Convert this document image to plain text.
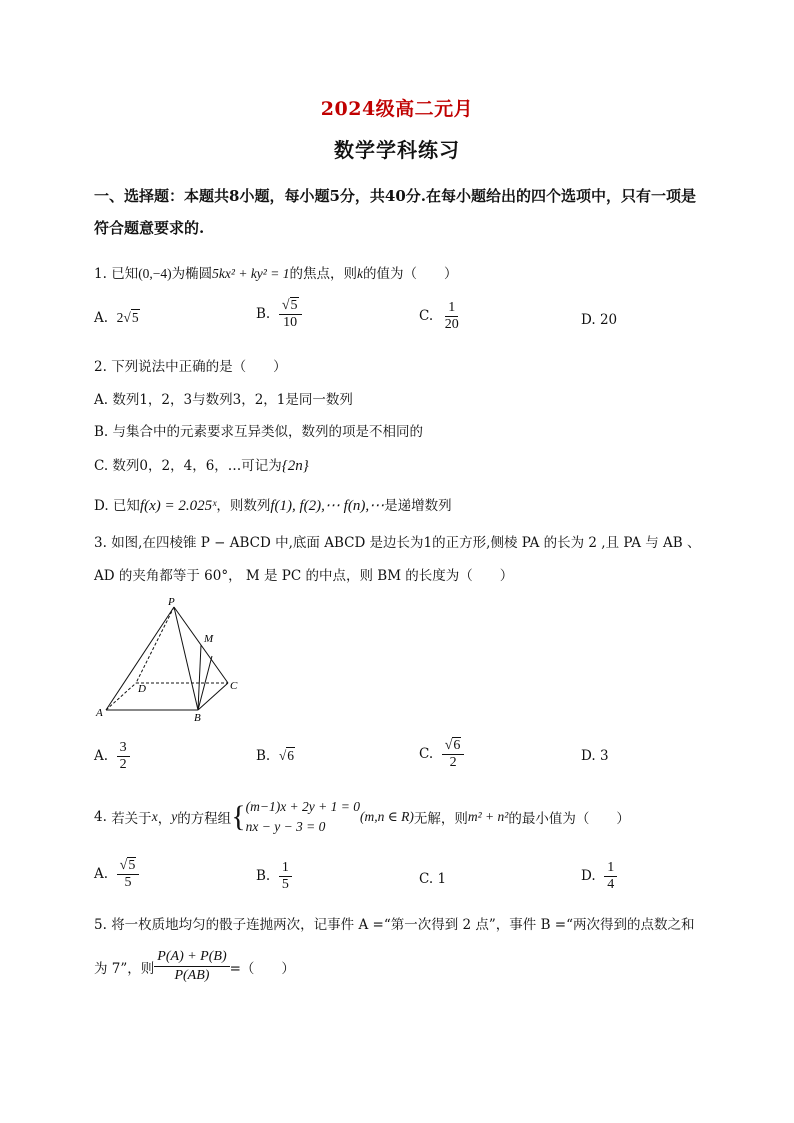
2024级高二元月
数学学科练习
一、选择题：本题共8小题，每小题5分，共40分.在每小题给出的四个选项中，只有一项是符合题意要求的.
1. 已知(0,−4)为椭圆5kx² + ky² = 1的焦点，则k的值为（　　）
A. 2√5	B. $\frac{√5}{10}$	C. $\frac{1}{20}$	D. 20
2. 下列说法中正确的是（　　）
A. 数列1，2，3与数列3，2，1是同一数列
B. 与集合中的元素要求互异类似，数列的项是不相同的
C. 数列0，2，4，6，…可记为{2n}
D. 已知f(x) = 2.025ˣ，则数列f(1), f(2),⋯ f(n),⋯是递增数列
3. 如图,在四棱锥 P − ABCD 中,底面 ABCD 是边长为1的正方形,侧棱 PA 的长为 2 ,且 PA 与 AB 、
AD 的夹角都等于 60°， M 是 PC 的中点，则 BM 的长度为（　　）
P
M
D	C
A	B
A. $\frac{3}{2}$	B. √6	C. $\frac{√6}{2}$	D. 3
4.
若关于 x ， y 的方程组 { (m−1)x + 2y + 1 = 0
nx − y − 3 = 0
(m,n ∈ R) 无解，则 m² + n² 的最小值为（　　）
A. $\frac{√5}{5}$	B. $\frac{1}{5}$	C. 1	D. $\frac{1}{4}$
5. 将一枚质地均匀的骰子连抛两次，记事件 A =“第一次得到 2 点”，事件 B =“两次得到的点数之和
为 7”，则 $\frac{P(A) + P(B)}{P(AB)}$ =（　　）
